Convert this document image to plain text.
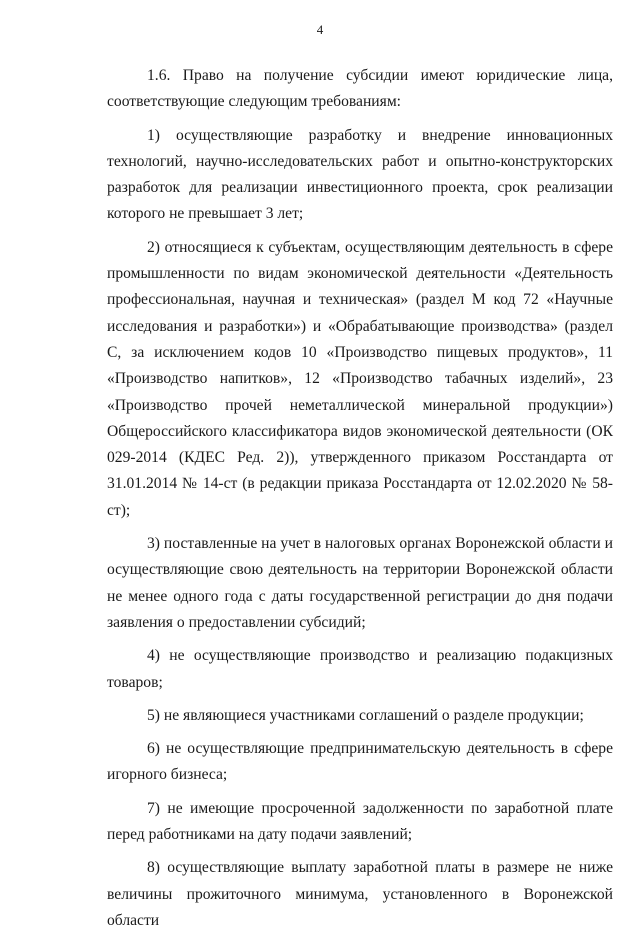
4

1.6. Право на получение субсидии имеют юридические лица, соответствующие следующим требованиям:

1) осуществляющие разработку и внедрение инновационных технологий, научно-исследовательских работ и опытно-конструкторских разработок для реализации инвестиционного проекта, срок реализации которого не превышает 3 лет;

2) относящиеся к субъектам, осуществляющим деятельность в сфере промышленности по видам экономической деятельности «Деятельность профессиональная, научная и техническая» (раздел M код 72 «Научные исследования и разработки») и «Обрабатывающие производства» (раздел C, за исключением кодов 10 «Производство пищевых продуктов», 11 «Производство напитков», 12 «Производство табачных изделий», 23 «Производство прочей неметаллической минеральной продукции») Общероссийского классификатора видов экономической деятельности (ОК 029-2014 (КДЕС Ред. 2)), утвержденного приказом Росстандарта от 31.01.2014 № 14-ст (в редакции приказа Росстандарта от 12.02.2020 № 58-ст);

3) поставленные на учет в налоговых органах Воронежской области и осуществляющие свою деятельность на территории Воронежской области не менее одного года с даты государственной регистрации до дня подачи заявления о предоставлении субсидий;

4) не осуществляющие производство и реализацию подакцизных товаров;

5) не являющиеся участниками соглашений о разделе продукции;

6) не осуществляющие предпринимательскую деятельность в сфере игорного бизнеса;

7) не имеющие просроченной задолженности по заработной плате перед работниками на дату подачи заявлений;

8) осуществляющие выплату заработной платы в размере не ниже величины прожиточного минимума, установленного в Воронежской области
